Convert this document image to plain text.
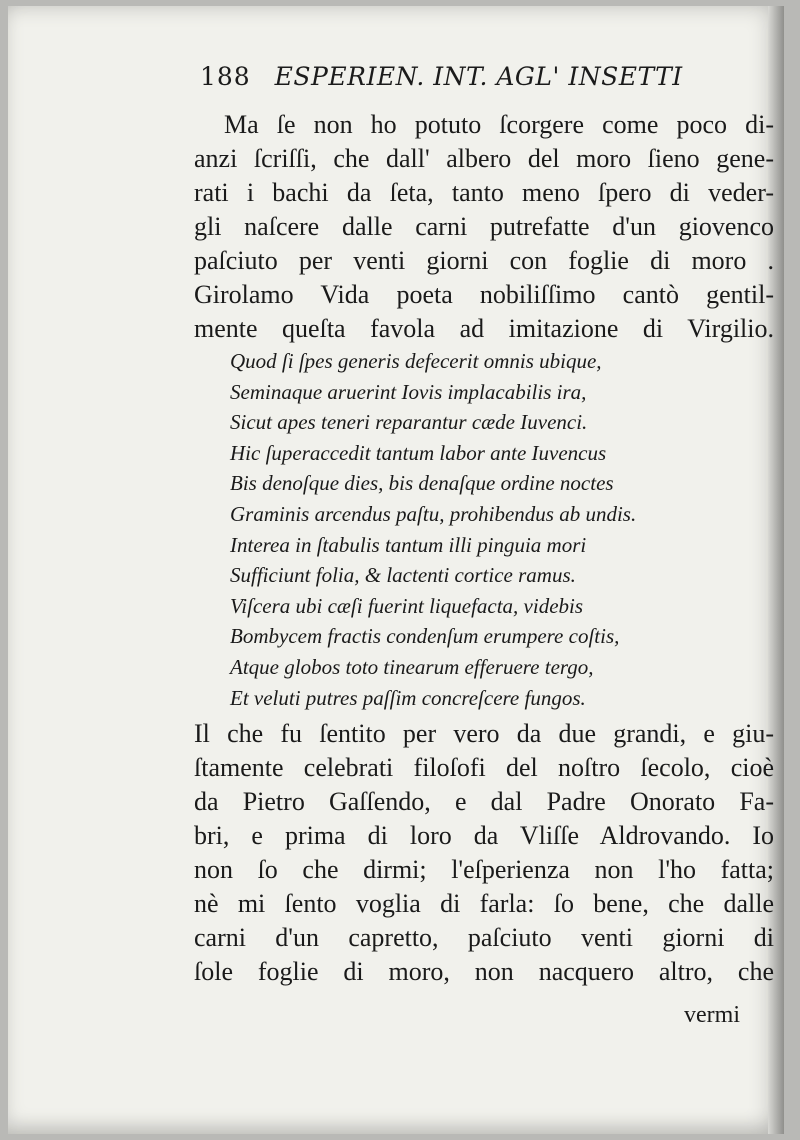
188 ESPERIEN. INT. AGL' INSETTI
Ma ſe non ho potuto ſcorgere come poco di-
anzi ſcriſſi, che dall' albero del moro ſieno gene-
rati i bachi da ſeta, tanto meno ſpero di veder-
gli naſcere dalle carni putrefatte d'un giovenco
paſciuto per venti giorni con foglie di moro .
Girolamo Vida poeta nobiliſſimo cantò gentil-
mente queſta favola ad imitazione di Virgilio.
Quod ſi ſpes generis defecerit omnis ubique,
Seminaque aruerint Iovis implacabilis ira,
Sicut apes teneri reparantur cæde Iuvenci.
Hic ſuperaccedit tantum labor ante Iuvencus
Bis denoſque dies, bis denaſque ordine noctes
Graminis arcendus paſtu, prohibendus ab undis.
Interea in ſtabulis tantum illi pinguia mori
Sufficiunt folia, & lactenti cortice ramus.
Viſcera ubi cæſi fuerint liquefacta, videbis
Bombycem fractis condenſum erumpere coſtis,
Atque globos toto tinearum efferuere tergo,
Et veluti putres paſſim concreſcere fungos.
Il che fu ſentito per vero da due grandi, e giu-
ſtamente celebrati filoſofi del noſtro ſecolo, cioè
da Pietro Gaſſendo, e dal Padre Onorato Fa-
bri, e prima di loro da Vliſſe Aldrovando. Io
non ſo che dirmi; l'eſperienza non l'ho fatta;
nè mi ſento voglia di farla: ſo bene, che dalle
carni d'un capretto, paſciuto venti giorni di
ſole foglie di moro, non nacquero altro, che
vermi
